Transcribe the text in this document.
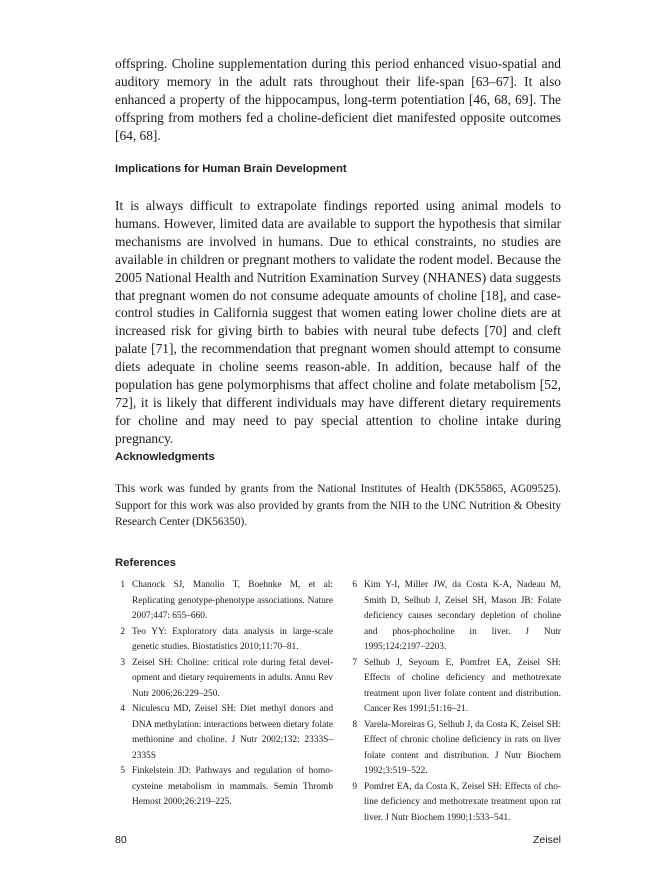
offspring. Choline supplementation during this period enhanced visuo-spatial and auditory memory in the adult rats throughout their life-span [63–67]. It also enhanced a property of the hippocampus, long-term potentiation [46, 68, 69]. The offspring from mothers fed a choline-deficient diet manifested opposite outcomes [64, 68].

Implications for Human Brain Development

It is always difficult to extrapolate findings reported using animal models to humans. However, limited data are available to support the hypothesis that similar mechanisms are involved in humans. Due to ethical constraints, no studies are available in children or pregnant mothers to validate the rodent model. Because the 2005 National Health and Nutrition Examination Survey (NHANES) data suggests that pregnant women do not consume adequate amounts of choline [18], and case-control studies in California suggest that women eating lower choline diets are at increased risk for giving birth to babies with neural tube defects [70] and cleft palate [71], the recommendation that pregnant women should attempt to consume diets adequate in choline seems reason-able. In addition, because half of the population has gene polymorphisms that affect choline and folate metabolism [52, 72], it is likely that different individuals may have different dietary requirements for choline and may need to pay special attention to choline intake during pregnancy.

Acknowledgments

This work was funded by grants from the National Institutes of Health (DK55865, AG09525). Support for this work was also provided by grants from the NIH to the UNC Nutrition & Obesity Research Center (DK56350).

References
1 Chanock SJ, Manolio T, Boehnke M, et al: Replicating genotype-phenotype associations. Nature 2007;447: 655–660.
2 Teo YY: Exploratory data analysis in large-scale genetic studies. Biostatistics 2010;11:70–81.
3 Zeisel SH: Choline: critical role during fetal devel-opment and dietary requirements in adults. Annu Rev Nutr 2006;26:229–250.
4 Niculescu MD, Zeisel SH: Diet methyl donors and DNA methylation: interactions between dietary folate methionine and choline. J Nutr 2002;132: 2333S–2335S
5 Finkelstein JD: Pathways and regulation of homo-cysteine metabolism in mammals. Semin Thromb Hemost 2000;26:219–225.
6 Kim Y-I, Miller JW, da Costa K-A, Nadeau M, Smith D, Selhub J, Zeisel SH, Mason JB: Folate deficiency causes secondary depletion of choline and phos-phocholine in liver. J Nutr 1995;124:2197–2203.
7 Selhub J, Seyoum E, Pomfret EA, Zeisel SH: Effects of choline deficiency and methotrexate treatment upon liver folate content and distribution. Cancer Res 1991;51:16–21.
8 Varela-Moreiras G, Selhub J, da Costa K, Zeisel SH: Effect of chronic choline deficiency in rats on liver folate content and distribution. J Nutr Biochem 1992;3:519–522.
9 Pomfret EA, da Costa K, Zeisel SH: Effects of cho-line deficiency and methotrexate treatment upon rat liver. J Nutr Biochem 1990;1:533–541.
80	Zeisel
